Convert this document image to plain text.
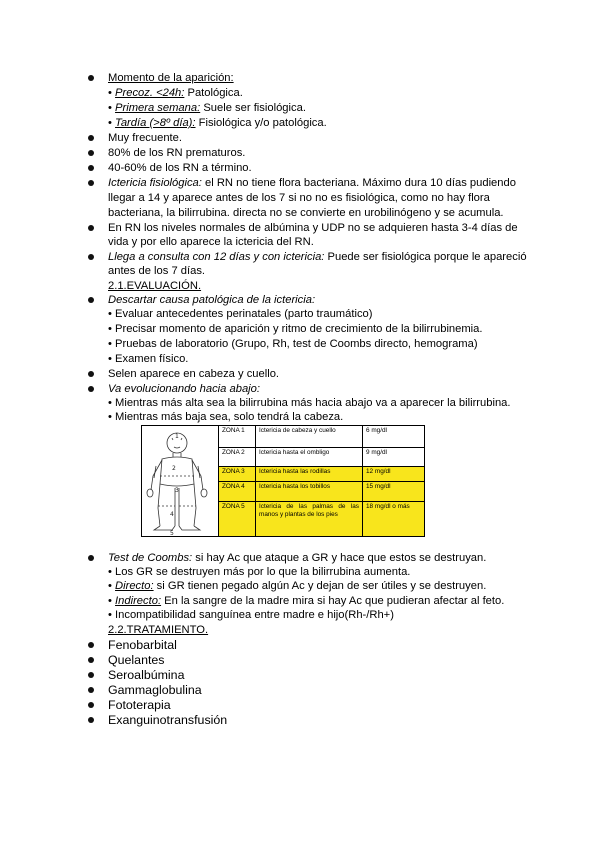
Momento de la aparición:
• Precoz. <24h: Patológica.
• Primera semana: Suele ser fisiológica.
• Tardía (>8º día): Fisiológica y/o patológica.
Muy frecuente.
80% de los RN prematuros.
40-60% de los RN a término.
Ictericia fisiológica: el RN no tiene flora bacteriana. Máximo dura 10 días pudiendo
llegar a 14 y aparece antes de los 7 si no no es fisiológica, como no hay flora
bacteriana, la bilirrubina. directa no se convierte en urobilinógeno y se acumula.
En RN los niveles normales de albúmina y UDP no se adquieren hasta 3-4 días de
vida y por ello aparece la ictericia del RN.
Llega a consulta con 12 días y con ictericia: Puede ser fisiológica porque le apareció
antes de los 7 días.
2.1.EVALUACIÓN.
Descartar causa patológica de la ictericia:
• Evaluar antecedentes perinatales (parto traumático)
• Precisar momento de aparición y ritmo de crecimiento de la bilirrubinemia.
• Pruebas de laboratorio (Grupo, Rh, test de Coombs directo, hemograma)
• Examen físico.
Selen aparece en cabeza y cuello.
Va evolucionando hacia abajo:
• Mientras más alta sea la bilirrubina más hacia abajo va a aparecer la bilirrubina.
• Mientras más baja sea, solo tendrá la cabeza.
1
2
3
4
5
ZONA 1	Ictericia de cabeza y cuello	6 mg/dl
ZONA 2	Ictericia hasta el ombligo	9 mg/dl
ZONA 3	Ictericia hasta las rodillas	12 mg/dl
ZONA 4	Ictericia hasta los tobillos	15 mg/dl
ZONA 5	Ictericia de las palmas de las manos y plantas de los pies	18 mg/dl o más
Test de Coombs: si hay Ac que ataque a GR y hace que estos se destruyan.
• Los GR se destruyen más por lo que la bilirrubina aumenta.
• Directo: si GR tienen pegado algún Ac y dejan de ser útiles y se destruyen.
• Indirecto: En la sangre de la madre mira si hay Ac que pudieran afectar al feto.
• Incompatibilidad sanguínea entre madre e hijo(Rh-/Rh+)
2.2.TRATAMIENTO.
Fenobarbital
Quelantes
Seroalbúmina
Gammaglobulina
Fototerapia
Exanguinotransfusión
